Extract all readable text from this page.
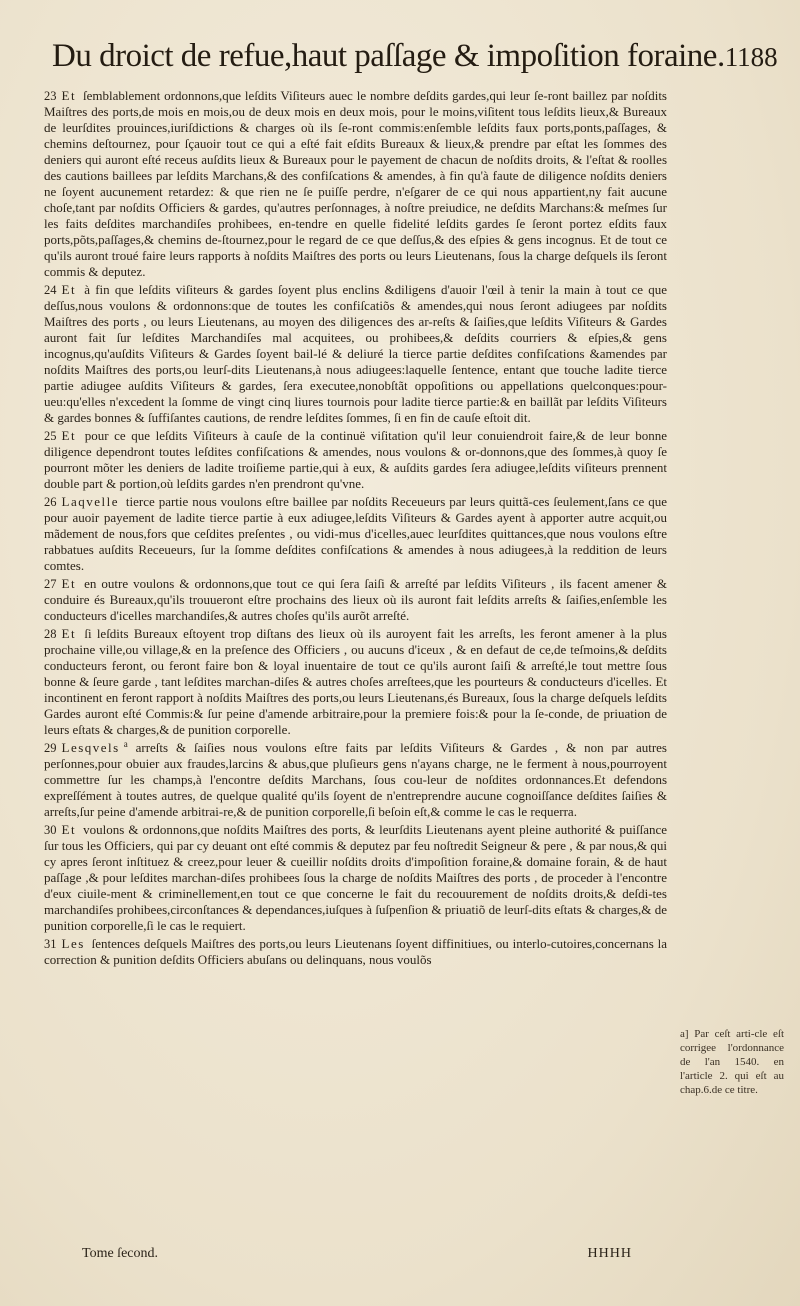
Du droict de refue,haut paſſage & impoſition foraine. 1188

23 Et ſemblablement ordonnons,que leſdits Viſiteurs auec le nombre deſdits gardes,qui leur ſe-ront baillez par noſdits Maiſtres des ports,de mois en mois,ou de deux mois en deux mois, pour le moins,viſitent tous leſdits lieux,& Bureaux de leurſdites prouinces,iuriſdictions & charges où ils ſe-ront commis:enſemble leſdits faux ports,ponts,paſſages, & chemins deſtournez, pour ſçauoir tout ce qui a eſté fait eſdits Bureaux & lieux,& prendre par eſtat les ſommes des deniers qui auront eſté receus auſdits lieux & Bureaux pour le payement de chacun de noſdits droits, & l'eſtat & roolles des cautions baillees par leſdits Marchans,& des confiſcations & amendes, à fin qu'à faute de diligence noſdits deniers ne ſoyent aucunement retardez: & que rien ne ſe puiſſe perdre, n'eſgarer de ce qui nous appartient,ny fait aucune choſe,tant par noſdits Officiers & gardes, qu'autres perſonnages, à noſtre preiudice, ne deſdits Marchans:& meſmes ſur les faits deſdites marchandiſes prohibees, en-tendre en quelle fidelité leſdits gardes ſe ſeront portez eſdits faux ports,põts,paſſages,& chemins de-ſtournez,pour le regard de ce que deſſus,& des eſpies & gens incognus. Et de tout ce qu'ils auront troué faire leurs rapports à noſdits Maiſtres des ports ou leurs Lieutenans, ſous la charge deſquels ils ſeront commis & deputez.

24 Et à fin que leſdits viſiteurs & gardes ſoyent plus enclins &diligens d'auoir l'œil à tenir la main à tout ce que deſſus,nous voulons & ordonnons:que de toutes les confiſcatiõs & amendes,qui nous ſeront adiugees par noſdits Maiſtres des ports , ou leurs Lieutenans, au moyen des diligences des ar-reſts & ſaiſies,que leſdits Viſiteurs & Gardes auront fait ſur leſdites Marchandiſes mal acquitees, ou prohibees,& deſdits courriers & eſpies,& gens incognus,qu'auſdits Viſiteurs & Gardes ſoyent bail-lé & deliuré la tierce partie deſdites confiſcations &amendes par noſdits Maiſtres des ports,ou leurſ-dits Lieutenans,à nous adiugees:laquelle ſentence, entant que touche ladite tierce partie adiugee auſdits Viſiteurs & gardes, ſera executee,nonobſtãt oppoſitions ou appellations quelconques:pour-ueu:qu'elles n'excedent la ſomme de vingt cinq liures tournois pour ladite tierce partie:& en baillãt par leſdits Viſiteurs & gardes bonnes & ſuffiſantes cautions, de rendre leſdites ſommes, ſi en fin de cauſe eſtoit dit.

25 Et pour ce que leſdits Viſiteurs à cauſe de la continuë viſitation qu'il leur conuiendroit faire,& de leur bonne diligence dependront toutes leſdites confiſcations & amendes, nous voulons & or-donnons,que des ſommes,à quoy ſe pourront mõter les deniers de ladite troiſieme partie,qui à eux, & auſdits gardes ſera adiugee,leſdits viſiteurs prennent double part & portion,où leſdits gardes n'en prendront qu'vne.

26 Laqvelle tierce partie nous voulons eſtre baillee par noſdits Receueurs par leurs quittã-ces ſeulement,ſans ce que pour auoir payement de ladite tierce partie à eux adiugee,leſdits Viſiteurs & Gardes ayent à apporter autre acquit,ou mãdement de nous,fors que ceſdites preſentes , ou vidi-mus d'icelles,auec leurſdites quittances,que nous voulons eſtre rabbatues auſdits Receueurs, ſur la ſomme deſdites confiſcations & amendes à nous adiugees,à la reddition de leurs comtes.

27 Et en outre voulons & ordonnons,que tout ce qui ſera ſaiſi & arreſté par leſdits Viſiteurs , ils facent amener & conduire és Bureaux,qu'ils trouueront eſtre prochains des lieux où ils auront fait leſdits arreſts & ſaiſies,enſemble les conducteurs d'icelles marchandiſes,& autres choſes qu'ils aurõt arreſté.

28 Et ſi leſdits Bureaux eſtoyent trop diſtans des lieux où ils auroyent fait les arreſts, les feront amener à la plus prochaine ville,ou village,& en la preſence des Officiers , ou aucuns d'iceux , & en defaut de ce,de teſmoins,& deſdits conducteurs feront, ou feront faire bon & loyal inuentaire de tout ce qu'ils auront ſaiſi & arreſté,le tout mettre ſous bonne & ſeure garde , tant leſdites marchan-diſes & autres choſes arreſtees,que les pourteurs & conducteurs d'icelles. Et incontinent en feront rapport à noſdits Maiſtres des ports,ou leurs Lieutenans,és Bureaux, ſous la charge deſquels leſdits Gardes auront eſté Commis:& ſur peine d'amende arbitraire,pour la premiere fois:& pour la ſe-conde, de priuation de leurs eſtats & charges,& de punition corporelle.

29 Lesqvels $^a$ arreſts & ſaiſies nous voulons eſtre faits par leſdits Viſiteurs & Gardes , & non par autres perſonnes,pour obuier aux fraudes,larcins & abus,que pluſieurs gens n'ayans charge, ne le ferment à nous,pourroyent commettre ſur les champs,à l'encontre deſdits Marchans, ſous cou-leur de noſdites ordonnances.Et defendons expreſſément à toutes autres, de quelque qualité qu'ils ſoyent de n'entreprendre aucune cognoiſſance deſdites ſaiſies & arreſts,ſur peine d'amende arbitrai-re,& de punition corporelle,ſi beſoin eſt,& comme le cas le requerra.

30 Et voulons & ordonnons,que noſdits Maiſtres des ports, & leurſdits Lieutenans ayent pleine authorité & puiſſance ſur tous les Officiers, qui par cy deuant ont eſté commis & deputez par feu noſtredit Seigneur & pere , & par nous,& qui cy apres ſeront inſtituez & creez,pour leuer & cueillir noſdits droits d'impoſition foraine,& domaine forain, & de haut paſſage ,& pour leſdites marchan-diſes prohibees ſous la charge de noſdits Maiſtres des ports , de proceder à l'encontre d'eux ciuile-ment & criminellement,en tout ce que concerne le fait du recouurement de noſdits droits,& deſdi-tes marchandiſes prohibees,circonſtances & dependances,iuſques à ſuſpenſion & priuatiõ de leurſ-dits eſtats & charges,& de punition corporelle,ſi le cas le requiert.

31 Les ſentences deſquels Maiſtres des ports,ou leurs Lieutenans ſoyent diffinitiues, ou interlo-cutoires,concernans la correction & punition deſdits Officiers abuſans ou delinquans, nous voulõs

a] Par ceſt arti-cle eſt corrigee l'ordonnance de l'an 1540. en l'article 2. qui eſt au chap.6.de ce titre.
Tome ſecond.	HHHH
